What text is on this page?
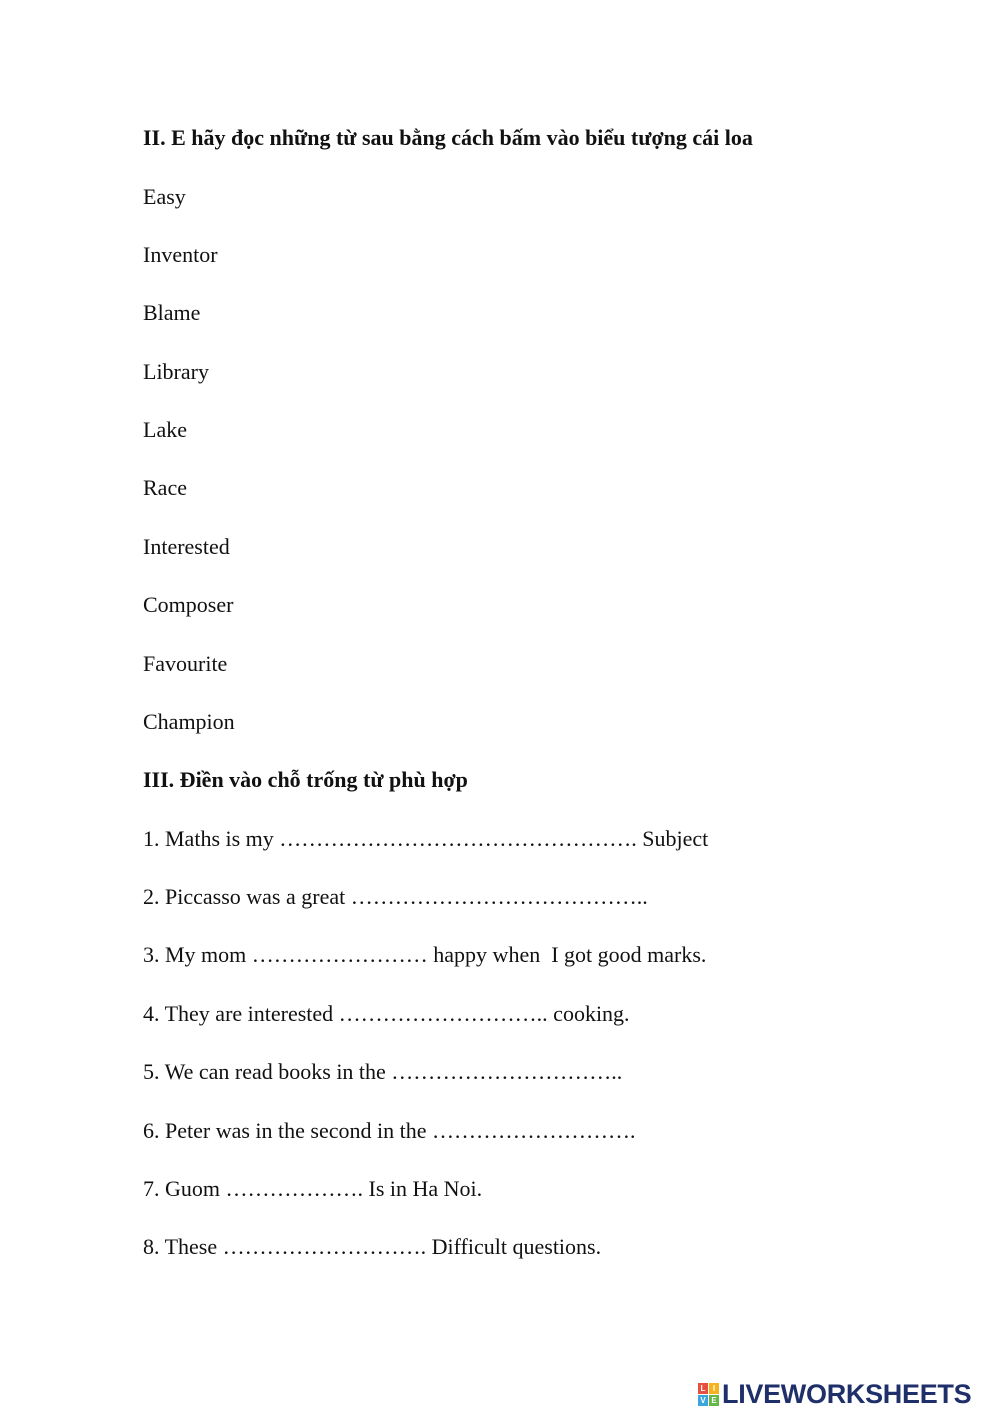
II. E hãy đọc những từ sau bằng cách bấm vào biểu tượng cái loa

Easy

Inventor

Blame

Library

Lake

Race

Interested

Composer

Favourite

Champion

III. Điền vào chỗ trống từ phù hợp

1. Maths is my …………………………………………. Subject

2. Piccasso was a great …………………………………..

3. My mom …………………… happy when  I got good marks.

4. They are interested ……………………….. cooking.

5. We can read books in the …………………………..

6. Peter was in the second in the ……………………….

7. Guom ………………. Is in Ha Noi.

8. These ………………………. Difficult questions.

L I
V E LIVEWORKSHEETS
